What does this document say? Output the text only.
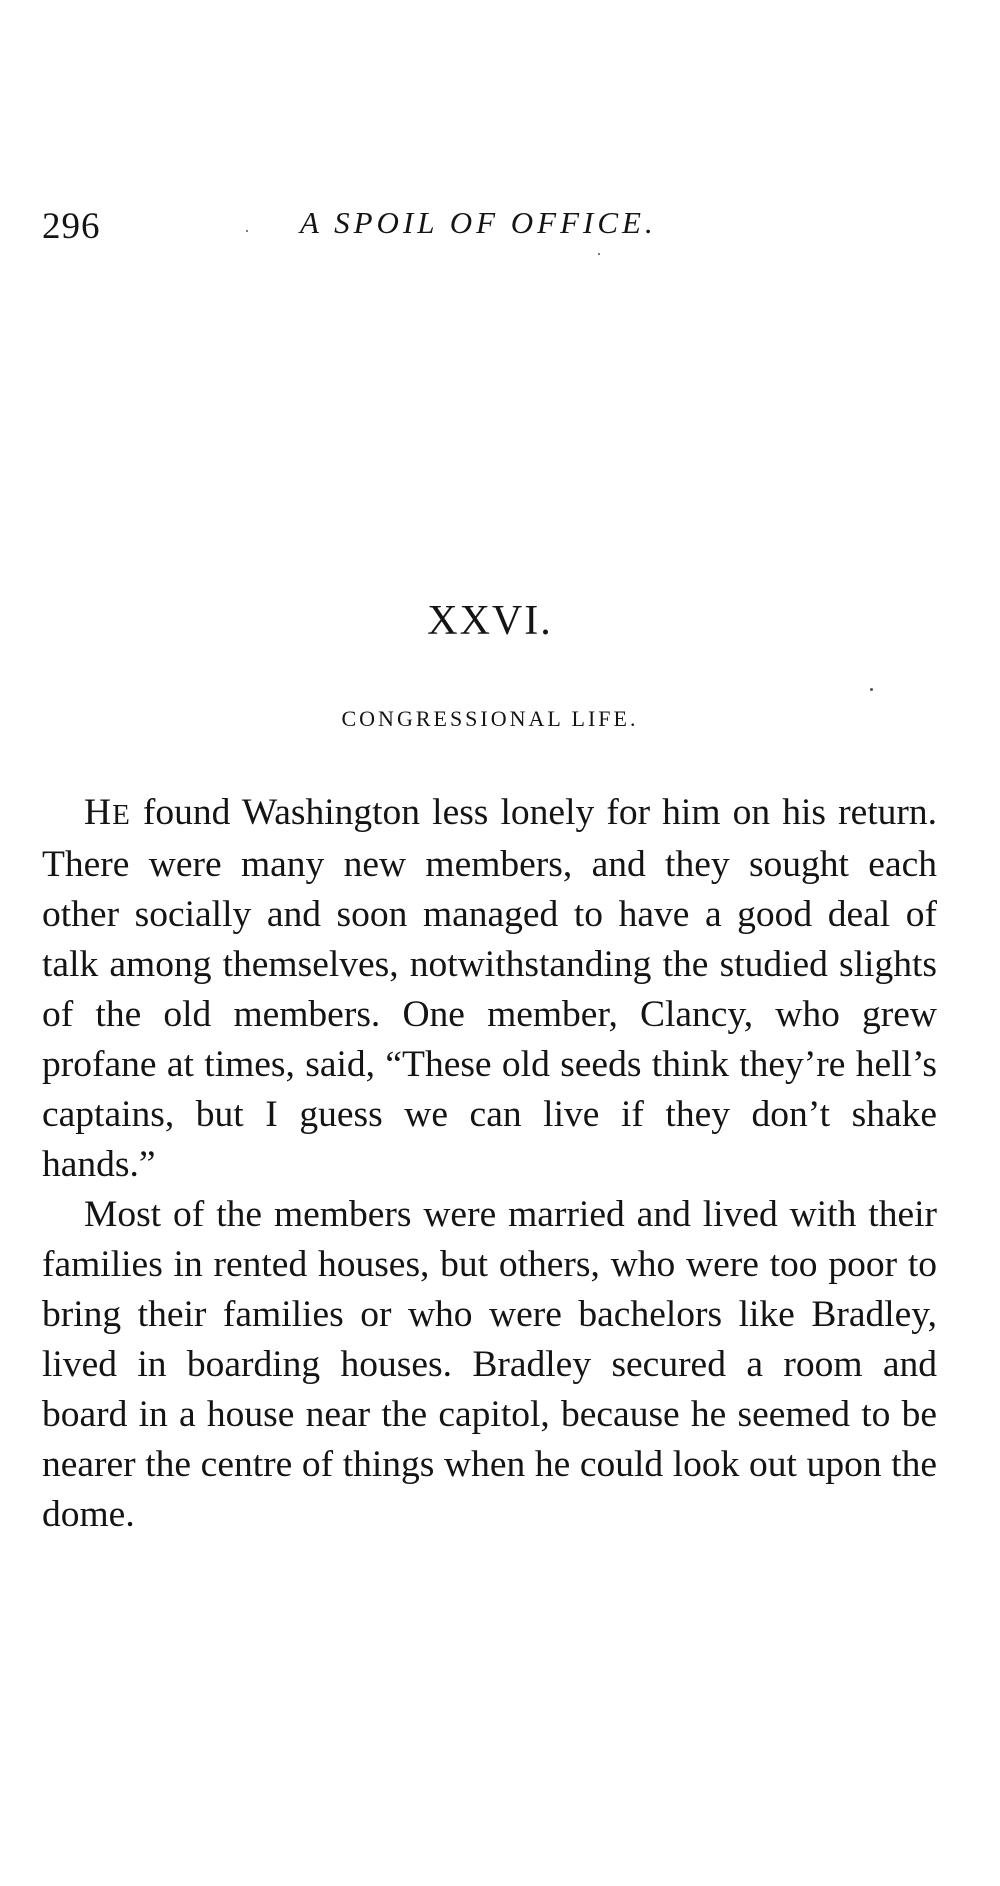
296	A SPOIL OF OFFICE.
XXVI.
CONGRESSIONAL LIFE.

HE found Washington less lonely for him on his return. There were many new members, and they sought each other socially and soon managed to have a good deal of talk among themselves, notwithstanding the studied slights of the old members. One member, Clancy, who grew profane at times, said, “These old seeds think they’re hell’s captains, but I guess we can live if they don’t shake hands.”

Most of the members were married and lived with their families in rented houses, but others, who were too poor to bring their families or who were bachelors like Bradley, lived in boarding houses. Bradley secured a room and board in a house near the capitol, because he seemed to be nearer the centre of things when he could look out upon the dome.
